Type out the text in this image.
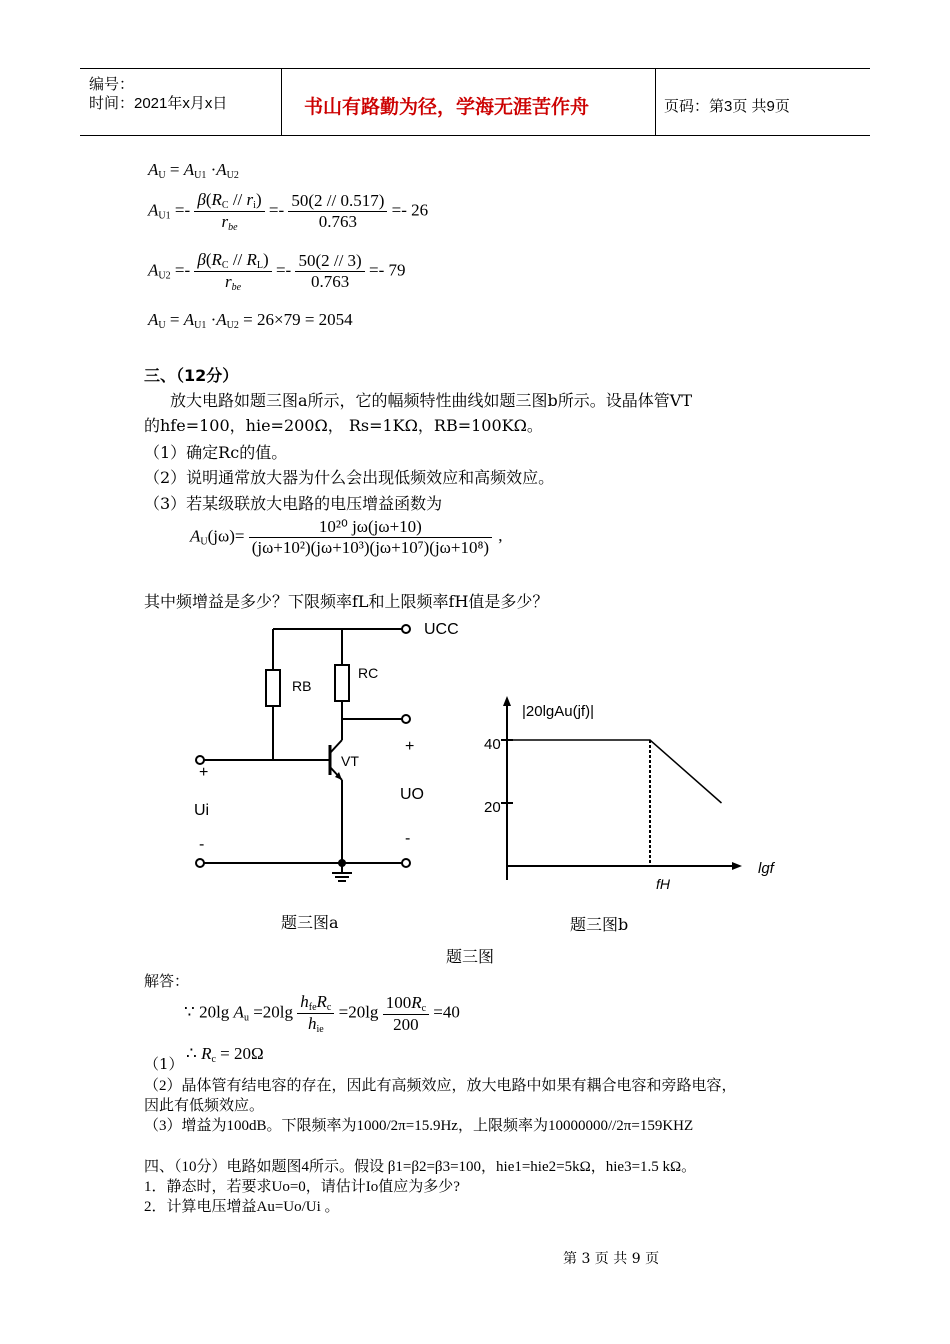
编号：
时间：2021年x月x日	书山有路勤为径，学海无涯苦作舟	页码：第3页 共9页
$A_U = A_{U1} \cdot A_{U2}$
$A_{U1} =- \frac{\beta(R_C // r_i)}{r_{be}} =- \frac{50(2 // 0.517)}{0.763} =- 26$
$A_{U2} =- \frac{\beta(R_C // R_L)}{r_{be}} =- \frac{50(2 // 3)}{0.763} =- 79$
$A_U = A_{U1} \cdot A_{U2} = 26\times 79 = 2054$
三、（12分）
放大电路如题三图a所示，它的幅频特性曲线如题三图b所示。设晶体管VT
的hfe=100，hie=200Ω， Rs=1KΩ，RB=100KΩ。
（1）确定Rc的值。
（2）说明通常放大器为什么会出现低频效应和高频效应。
（3）若某级联放大电路的电压增益函数为
$A_U(j\omega)= \frac{\text{10²⁰ jω(jω+10)}}{\text{(jω+10²)(jω+10³)(jω+10⁷)(jω+10⁸)}}$ ,
其中频增益是多少？下限频率fL和上限频率fH值是多少？
UCC
RB
RC
VT
+
Ui
-
+
UO
-
|20lgAu(jf)|
40
20
lgf
fH
题三图a	题三图b
题三图
解答：
∵ 20lg $A_u =20\lg \frac{h_{fe}R_c}{h_{ie}} =20\lg \frac{100R_c}{200} =40$
（1）
∴ $R_c = 20\Omega$
（2）晶体管有结电容的存在，因此有高频效应，放大电路中如果有耦合电容和旁路电容，
因此有低频效应。
（3）增益为100dB。下限频率为1000/2π=15.9Hz，上限频率为10000000//2π=159KHZ
四、（10分）电路如题图4所示。假设 β1=β2=β3=100，hie1=hie2=5kΩ，hie3=1.5 kΩ。
1．静态时，若要求Uo=0，请估计Io值应为多少?
2．计算电压增益Au=Uo/Ui 。
第 3 页 共 9 页
